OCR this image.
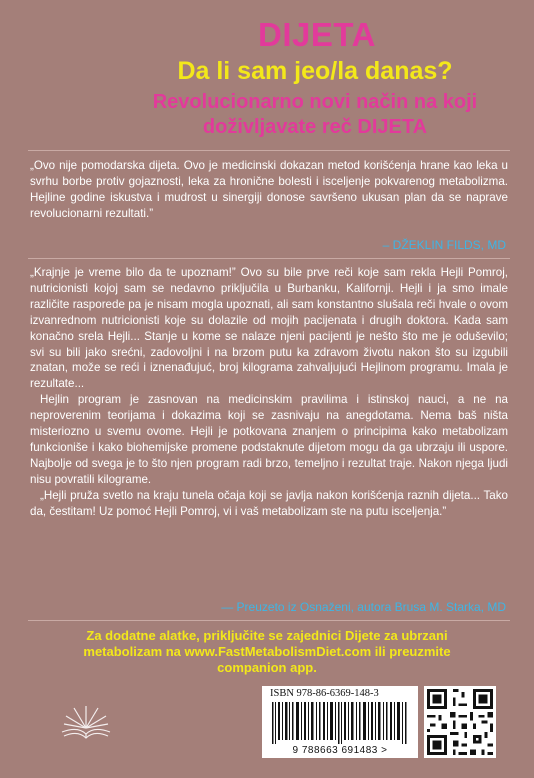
DIJETA
Da li sam jeo/la danas?
Revolucionarno novi način na koji
doživljavate reč DIJETA

„Ovo nije pomodarska dijeta. Ovo je medicinski dokazan metod korišćenja hrane kao leka u svrhu borbe protiv gojaznosti, leka za hronične bolesti i isceljenje pokvarenog metabolizma. Hejline godine iskustva i mudrost u sinergiji donose savršeno ukusan plan da se naprave revolucionarni rezultati.”

– DŽEKLIN FILDS, MD

„Krajnje je vreme bilo da te upoznam!” Ovo su bile prve reči koje sam rekla Hejli Pomroj, nutricionisti kojoj sam se nedavno priključila u Burbanku, Kalifornji. Hejli i ja smo imale različite rasporede pa je nisam mogla upoznati, ali sam konstantno slušala reči hvale o ovom izvanrednom nutricionisti koje su dolazile od mojih pacijenata i drugih doktora. Kada sam konačno srela Hejli... Stanje u kome se nalaze njeni pacijenti je nešto što me je oduševilo; svi su bili jako srećni, zadovoljni i na brzom putu ka zdravom životu nakon što su izgubili znatan, može se reći i iznenađujuć, broj kilograma zahvaljujući Hejlinom programu. Imala je rezultate...

Hejlin program je zasnovan na medicinskim pravilima i istinskoj nauci, a ne na neproverenim teorijama i dokazima koji se zasnivaju na anegdotama. Nema baš ništa misteriozno u svemu ovome. Hejli je potkovana znanjem o principima kako metabolizam funkcioniše i kako biohemijske promene podstaknute dijetom mogu da ga ubrzaju ili uspore. Najbolje od svega je to što njen program radi brzo, temeljno i rezultat traje. Nakon njega ljudi nisu povratili kilograme.

„Hejli pruža svetlo na kraju tunela očaja koji se javlja nakon korišćenja raznih dijeta... Tako da, čestitam! Uz pomoć Hejli Pomroj, vi i vaš metabolizam ste na putu isceljenja.”

— Preuzeto iz Osnaženi, autora Brusa M. Starka, MD
Za dodatne alatke, priključite se zajednici Dijete za ubrzani
metabolizam na www.FastMetabolismDiet.com ili preuzmite
companion app.
ISBN 978-86-6369-148-3
9 788663 691483 >
